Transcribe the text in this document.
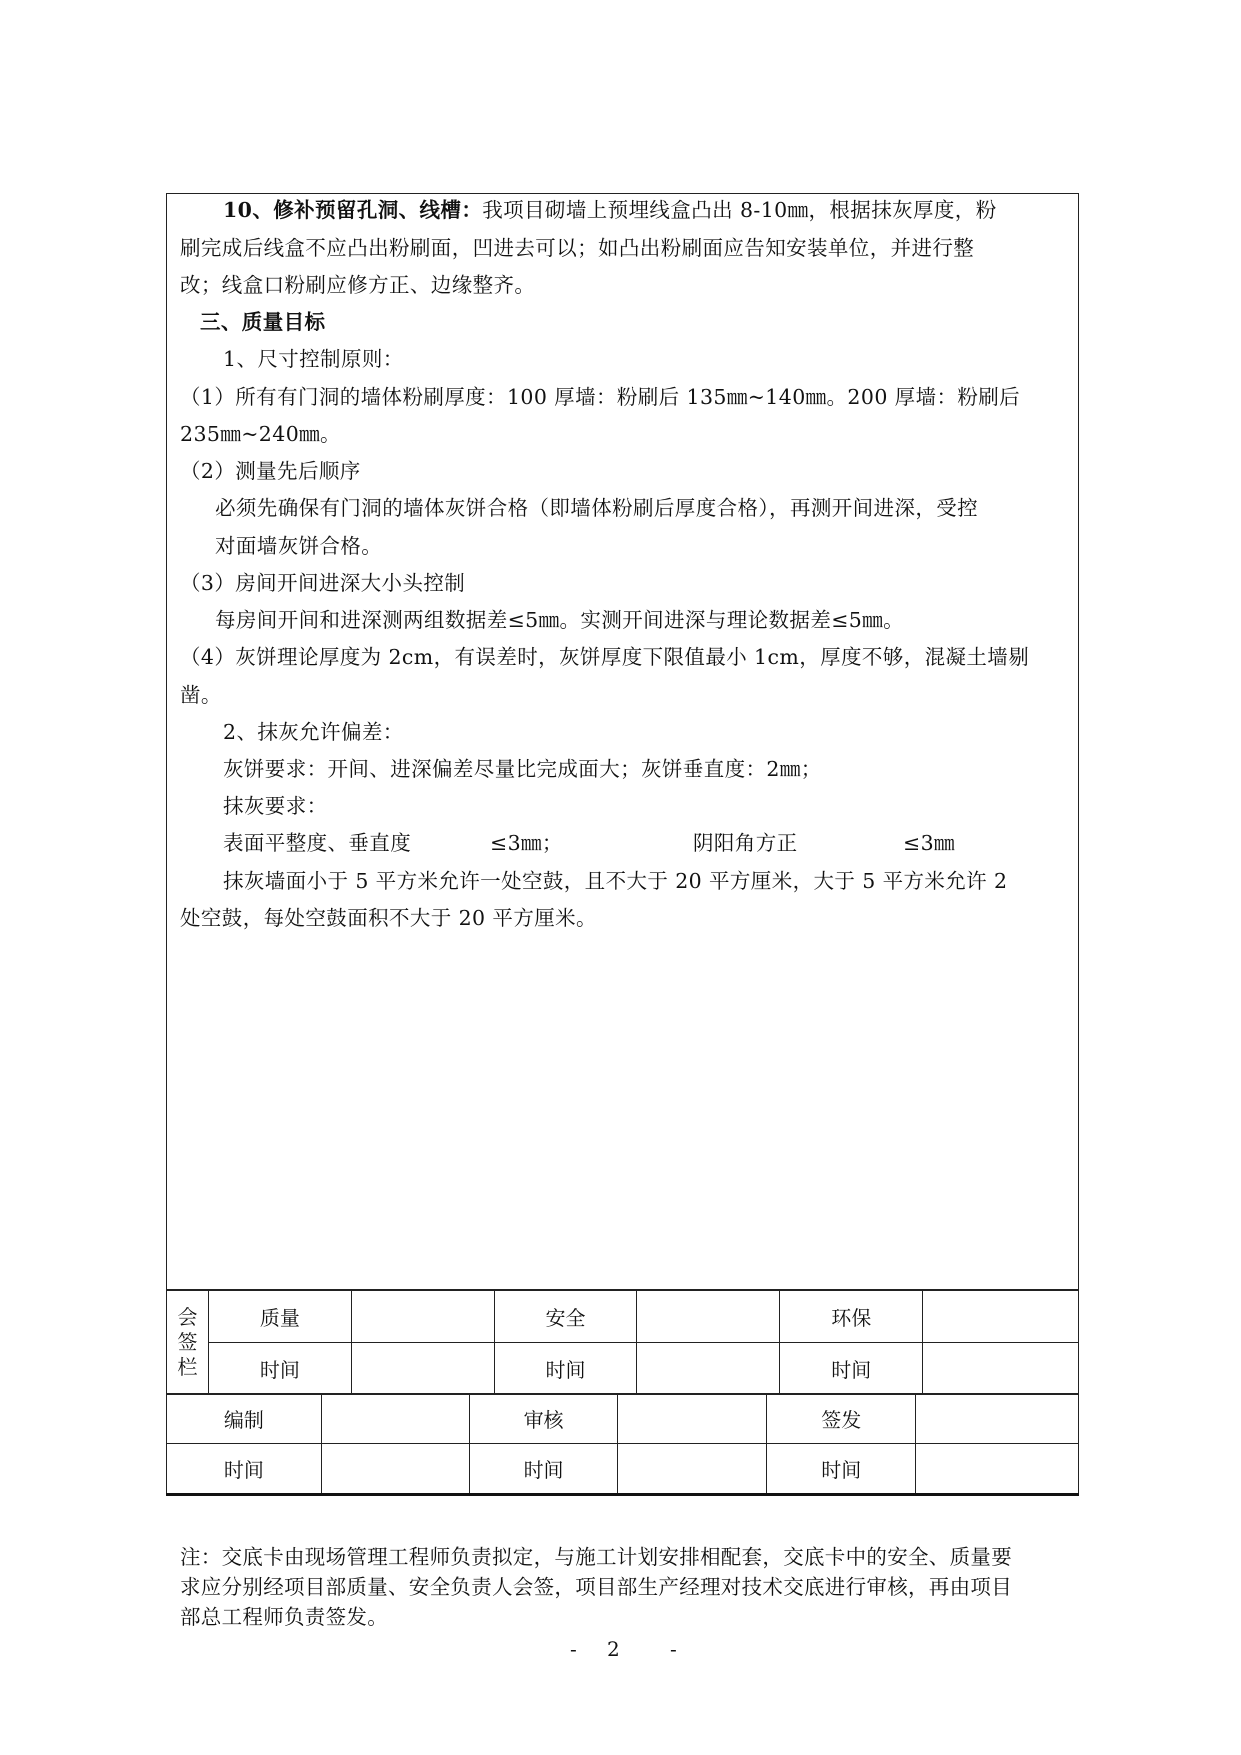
10、修补预留孔洞、线槽：我项目砌墙上预埋线盒凸出 8-10㎜，根据抹灰厚度，粉
刷完成后线盒不应凸出粉刷面，凹进去可以；如凸出粉刷面应告知安装单位，并进行整
改；线盒口粉刷应修方正、边缘整齐。
三、质量目标
1、尺寸控制原则：
（1）所有有门洞的墙体粉刷厚度：100 厚墙：粉刷后 135㎜~140㎜。200 厚墙：粉刷后
235㎜~240㎜。
（2）测量先后顺序
必须先确保有门洞的墙体灰饼合格（即墙体粉刷后厚度合格），再测开间进深，受控
对面墙灰饼合格。
（3）房间开间进深大小头控制
每房间开间和进深测两组数据差≤5㎜。实测开间进深与理论数据差≤5㎜。
（4）灰饼理论厚度为 2cm，有误差时，灰饼厚度下限值最小 1cm，厚度不够，混凝土墙剔
凿。
2、抹灰允许偏差：
灰饼要求：开间、进深偏差尽量比完成面大；灰饼垂直度：2㎜；
抹灰要求：
表面平整度、垂直度	≤3㎜；	阴阳角方正	≤3㎜
抹灰墙面小于 5 平方米允许一处空鼓，且不大于 20 平方厘米，大于 5 平方米允许 2
处空鼓，每处空鼓面积不大于 20 平方厘米。
会
签
栏	质量		安全		环保	
	时间		时间		时间	
编制		审核		签发	
时间		时间		时间	
注：交底卡由现场管理工程师负责拟定，与施工计划安排相配套，交底卡中的安全、质量要
求应分别经项目部质量、安全负责人会签，项目部生产经理对技术交底进行审核，再由项目
部总工程师负责签发。
- 2	-
